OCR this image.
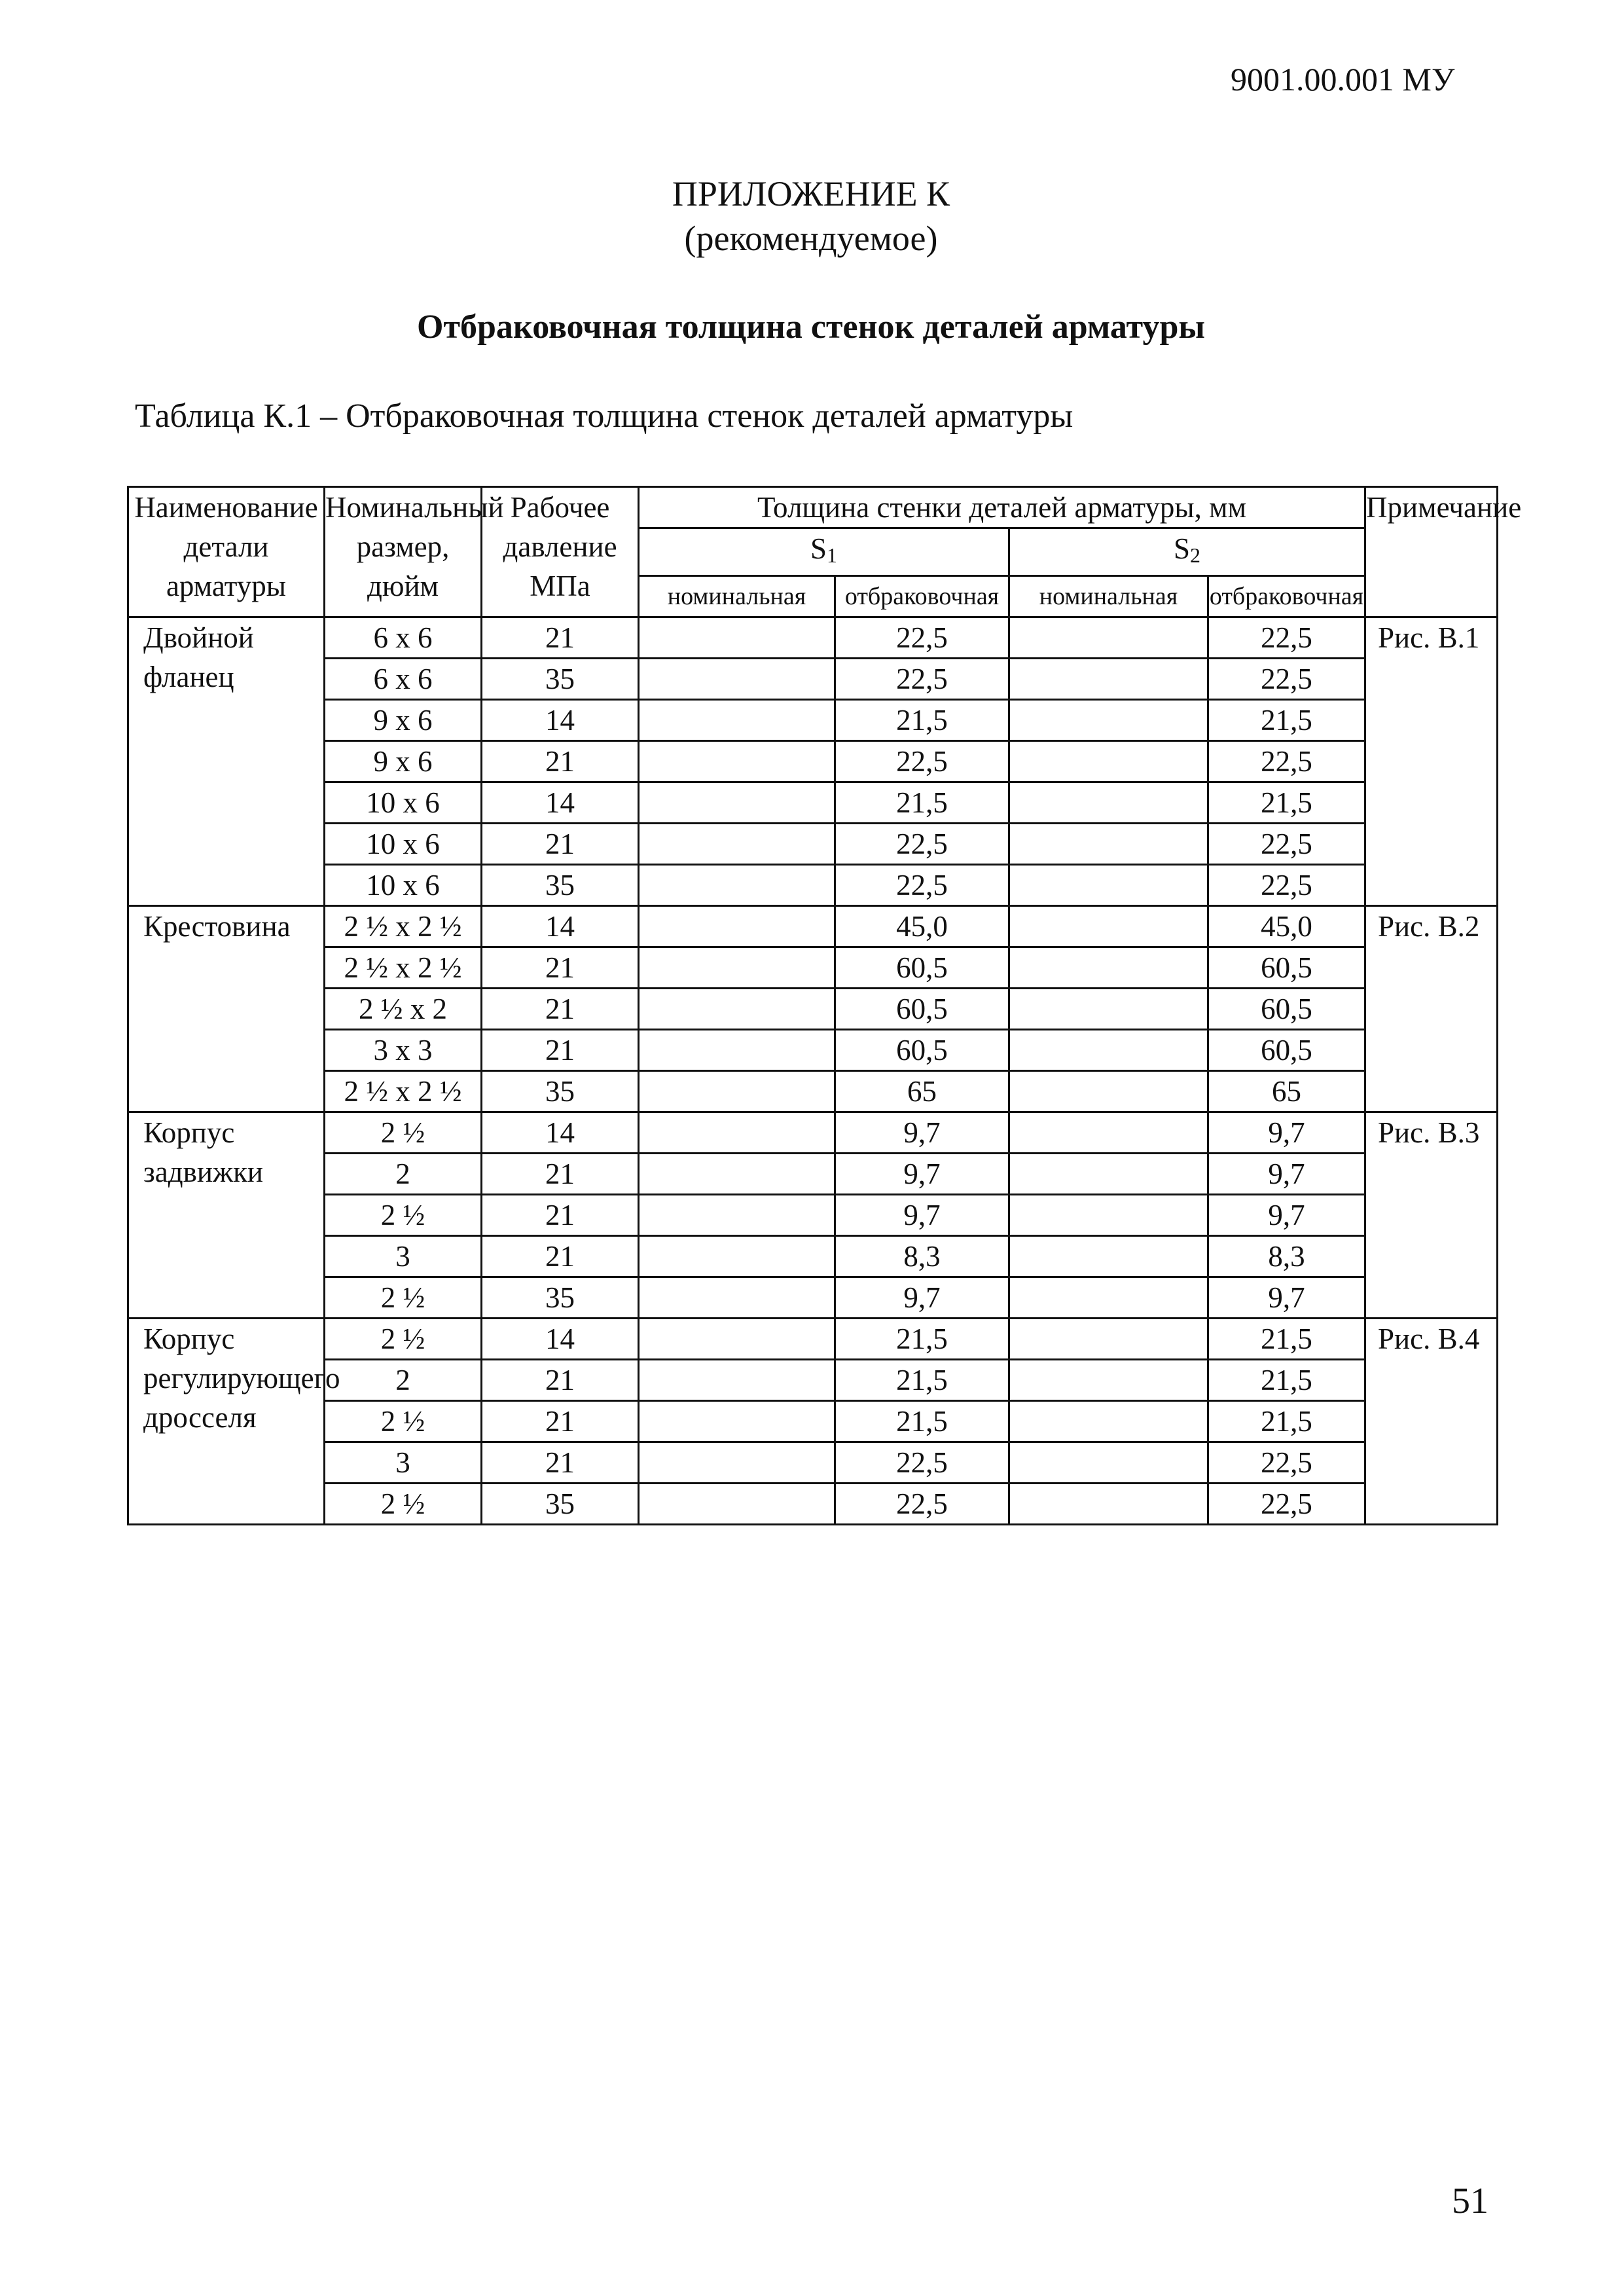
9001.00.001 МУ
ПРИЛОЖЕНИЕ К
(рекомендуемое)
Отбраковочная толщина стенок деталей арматуры
Таблица К.1 – Отбраковочная толщина стенок деталей арматуры
Наименование детали арматуры	Номинальный размер, дюйм	Рабочее давление МПа	Толщина стенки деталей арматуры, мм				Примечание
			S1		S2		
			номинальная	отбраковочная	номинальная	отбраковочная	
Двойной фланец	6 x 6	21		22,5		22,5	Рис. В.1
	6 x 6	35		22,5		22,5	
	9 x 6	14		21,5		21,5	
	9 x 6	21		22,5		22,5	
	10 x 6	14		21,5		21,5	
	10 x 6	21		22,5		22,5	
	10 x 6	35		22,5		22,5	
Крестовина	2 ½ x 2 ½	14		45,0		45,0	Рис. В.2
	2 ½ x 2 ½	21		60,5		60,5	
	2 ½ x 2	21		60,5		60,5	
	3 x 3	21		60,5		60,5	
	2 ½ x 2 ½	35		65		65	
Корпус задвижки	2 ½	14		9,7		9,7	Рис. В.3
	2	21		9,7		9,7	
	2 ½	21		9,7		9,7	
	3	21		8,3		8,3	
	2 ½	35		9,7		9,7	
Корпус регулирующего дросселя	2 ½	14		21,5		21,5	Рис. В.4
	2	21		21,5		21,5	
	2 ½	21		21,5		21,5	
	3	21		22,5		22,5	
	2 ½	35		22,5		22,5	
51
